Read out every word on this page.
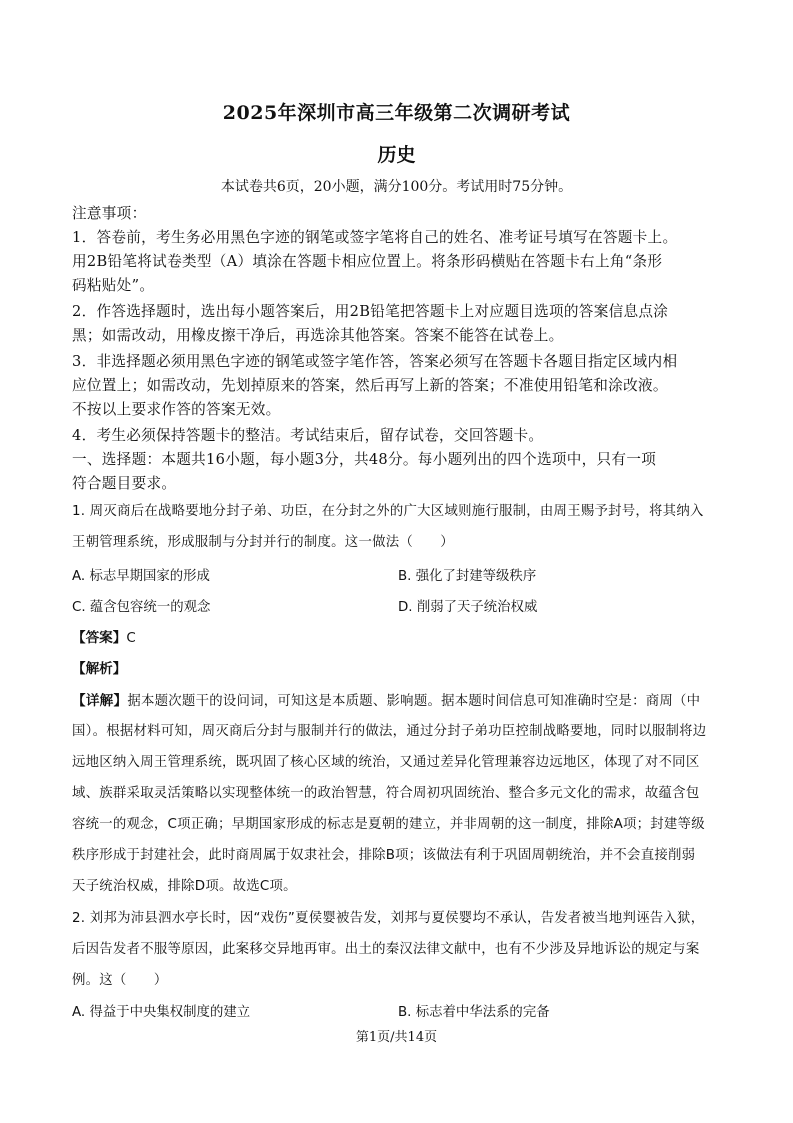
2025年深圳市高三年级第二次调研考试
历史
本试卷共6页，20小题，满分100分。考试用时75分钟。
注意事项：
1．答卷前，考生务必用黑色字迹的钢笔或签字笔将自己的姓名、准考证号填写在答题卡上。
用2B铅笔将试卷类型（A）填涂在答题卡相应位置上。将条形码横贴在答题卡右上角“条形
码粘贴处”。
2．作答选择题时，选出每小题答案后，用2B铅笔把答题卡上对应题目选项的答案信息点涂
黑；如需改动，用橡皮擦干净后，再选涂其他答案。答案不能答在试卷上。
3．非选择题必须用黑色字迹的钢笔或签字笔作答，答案必须写在答题卡各题目指定区域内相
应位置上；如需改动，先划掉原来的答案，然后再写上新的答案；不准使用铅笔和涂改液。
不按以上要求作答的答案无效。
4．考生必须保持答题卡的整洁。考试结束后，留存试卷，交回答题卡。
一、选择题：本题共16小题，每小题3分，共48分。每小题列出的四个选项中，只有一项
符合题目要求。
1. 周灭商后在战略要地分封子弟、功臣，在分封之外的广大区域则施行服制，由周王赐予封号，将其纳入
王朝管理系统，形成服制与分封并行的制度。这一做法（　　）
A. 标志早期国家的形成	B. 强化了封建等级秩序
C. 蕴含包容统一的观念	D. 削弱了天子统治权威
【答案】C
【解析】
【详解】据本题次题干的设问词，可知这是本质题、影响题。据本题时间信息可知准确时空是：商周（中
国）。根据材料可知，周灭商后分封与服制并行的做法，通过分封子弟功臣控制战略要地，同时以服制将边
远地区纳入周王管理系统，既巩固了核心区域的统治，又通过差异化管理兼容边远地区，体现了对不同区
域、族群采取灵活策略以实现整体统一的政治智慧，符合周初巩固统治、整合多元文化的需求，故蕴含包
容统一的观念，C项正确；早期国家形成的标志是夏朝的建立，并非周朝的这一制度，排除A项；封建等级
秩序形成于封建社会，此时商周属于奴隶社会，排除B项；该做法有利于巩固周朝统治，并不会直接削弱
天子统治权威，排除D项。故选C项。
2. 刘邦为沛县泗水亭长时，因“戏伤”夏侯婴被告发，刘邦与夏侯婴均不承认，告发者被当地判诬告入狱，
后因告发者不服等原因，此案移交异地再审。出土的秦汉法律文献中，也有不少涉及异地诉讼的规定与案
例。这（　　）
A. 得益于中央集权制度的建立	B. 标志着中华法系的完备
第1页/共14页
